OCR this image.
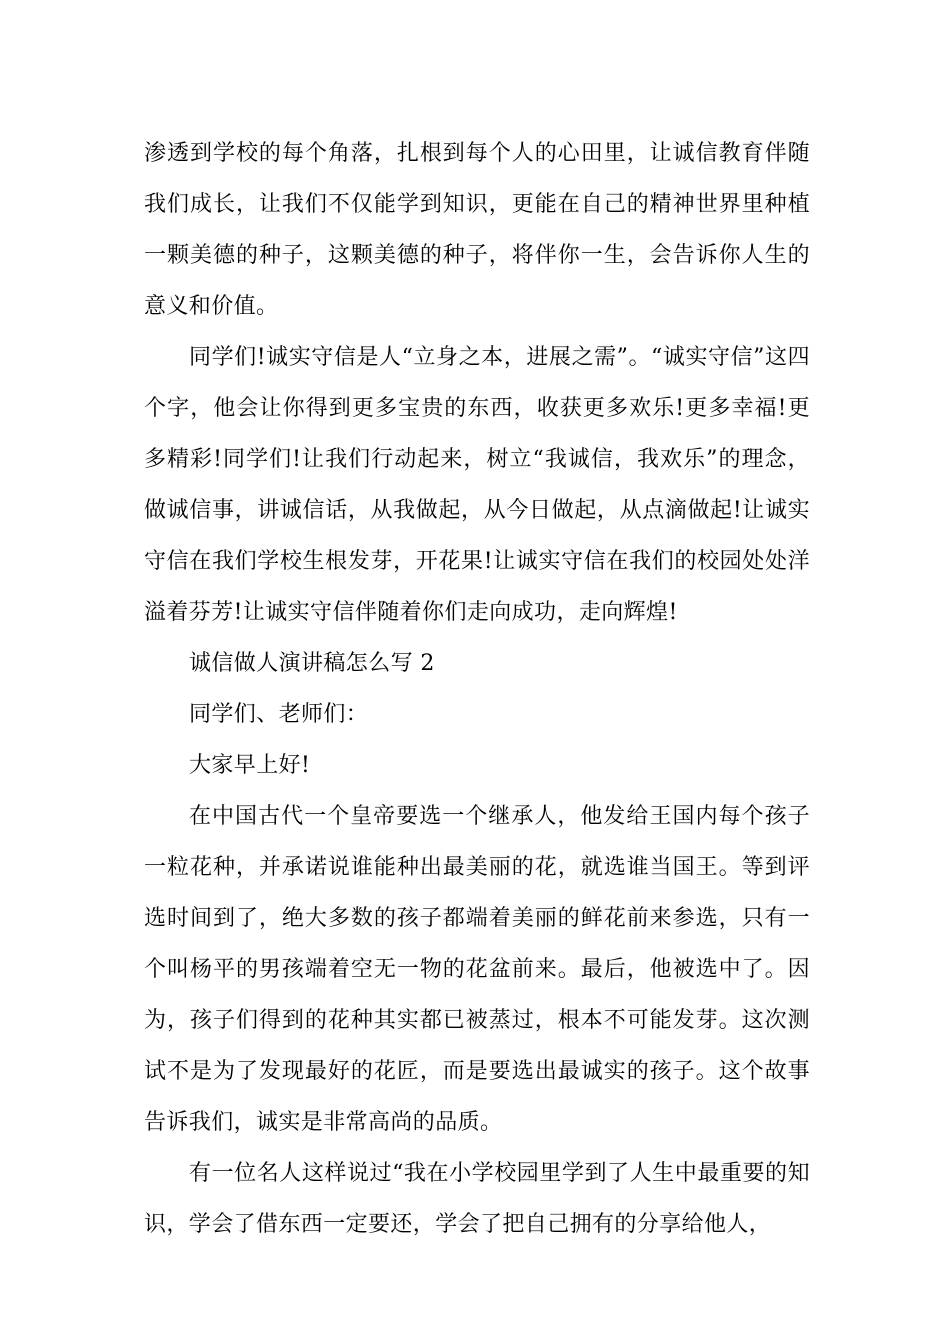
渗透到学校的每个角落，扎根到每个人的心田里，让诚信教育伴随我们成长，让我们不仅能学到知识，更能在自己的精神世界里种植一颗美德的种子，这颗美德的种子，将伴你一生，会告诉你人生的意义和价值。

同学们!诚实守信是人“立身之本，进展之需”。“诚实守信”这四个字，他会让你得到更多宝贵的东西，收获更多欢乐!更多幸福!更多精彩!同学们!让我们行动起来，树立“我诚信，我欢乐”的理念，做诚信事，讲诚信话，从我做起，从今日做起，从点滴做起!让诚实守信在我们学校生根发芽，开花果!让诚实守信在我们的校园处处洋溢着芬芳!让诚实守信伴随着你们走向成功，走向辉煌!

诚信做人演讲稿怎么写 2

同学们、老师们：

大家早上好!

在中国古代一个皇帝要选一个继承人，他发给王国内每个孩子一粒花种，并承诺说谁能种出最美丽的花，就选谁当国王。等到评选时间到了，绝大多数的孩子都端着美丽的鲜花前来参选，只有一个叫杨平的男孩端着空无一物的花盆前来。最后，他被选中了。因为，孩子们得到的花种其实都已被蒸过，根本不可能发芽。这次测试不是为了发现最好的花匠，而是要选出最诚实的孩子。这个故事告诉我们，诚实是非常高尚的品质。

有一位名人这样说过“我在小学校园里学到了人生中最重要的知识，学会了借东西一定要还，学会了把自己拥有的分享给他人，
